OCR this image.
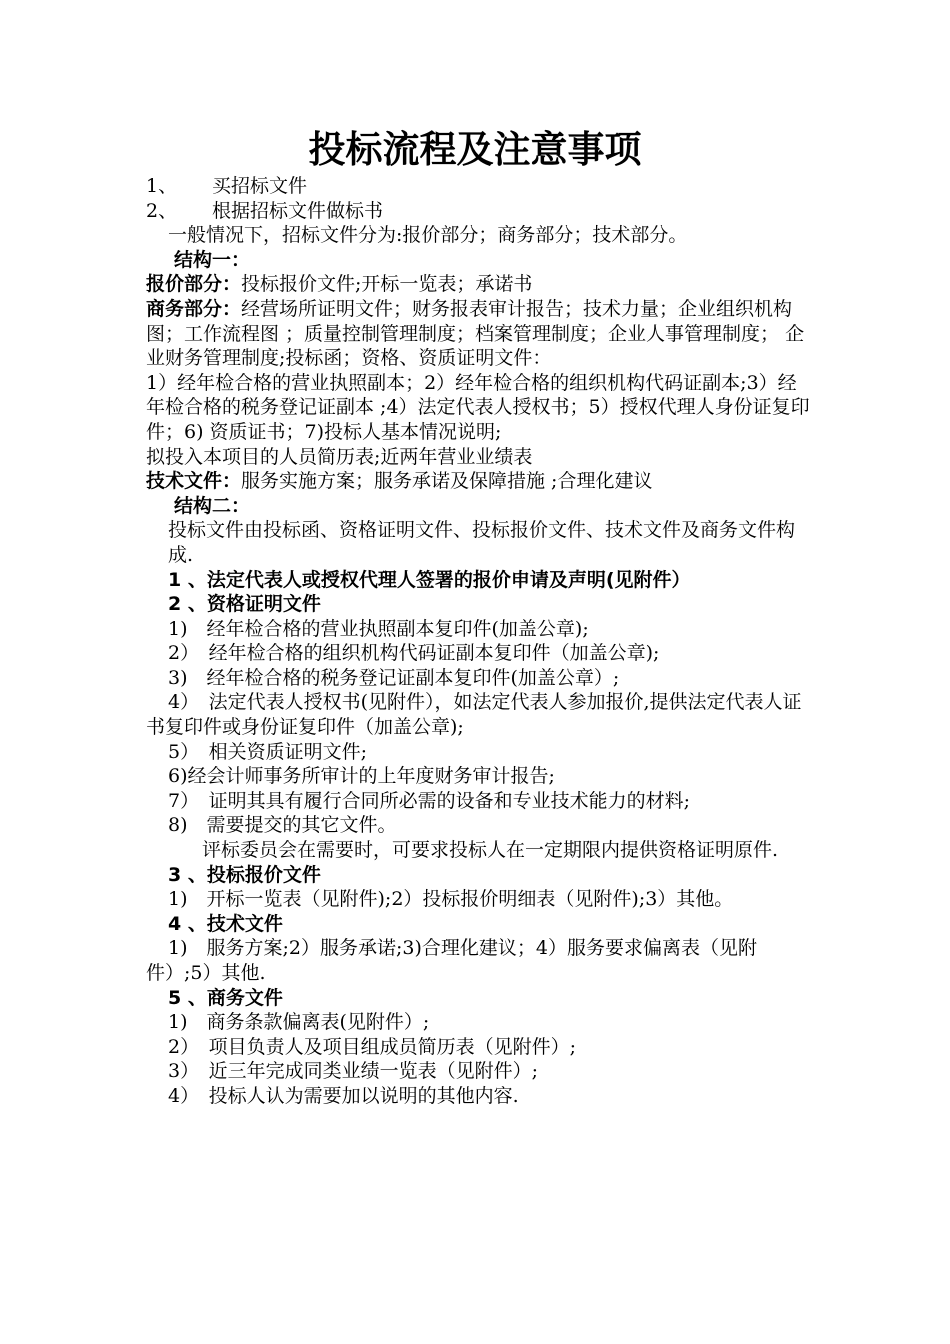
投标流程及注意事项

1、 买招标文件

2、 根据招标文件做标书

一般情况下，招标文件分为:报价部分；商务部分；技术部分。

结构一：

报价部分：投标报价文件;开标一览表；承诺书

商务部分：经营场所证明文件；财务报表审计报告；技术力量；企业组织机构图；工作流程图 ；质量控制管理制度；档案管理制度；企业人事管理制度； 企业财务管理制度;投标函；资格、资质证明文件：

1）经年检合格的营业执照副本；2）经年检合格的组织机构代码证副本;3）经年检合格的税务登记证副本 ;4）法定代表人授权书；5）授权代理人身份证复印件；6) 资质证书；7)投标人基本情况说明;

拟投入本项目的人员简历表;近两年营业业绩表

技术文件：服务实施方案；服务承诺及保障措施 ;合理化建议

结构二：

投标文件由投标函、资格证明文件、投标报价文件、技术文件及商务文件构成.

1 、法定代表人或授权代理人签署的报价申请及声明(见附件）

2 、资格证明文件

1)　经年检合格的营业执照副本复印件(加盖公章);

2）　经年检合格的组织机构代码证副本复印件（加盖公章);

3)　经年检合格的税务登记证副本复印件(加盖公章）;

4）　法定代表人授权书(见附件），如法定代表人参加报价,提供法定代表人证书复印件或身份证复印件（加盖公章);

5）　相关资质证明文件;

6)经会计师事务所审计的上年度财务审计报告;

7）　证明其具有履行合同所必需的设备和专业技术能力的材料;

8)　需要提交的其它文件。

评标委员会在需要时，可要求投标人在一定期限内提供资格证明原件.

3 、投标报价文件

1)　开标一览表（见附件);2）投标报价明细表（见附件);3）其他。

4 、技术文件

1)　服务方案;2）服务承诺;3)合理化建议；4）服务要求偏离表（见附件）;5）其他.

5 、商务文件

1)　商务条款偏离表(见附件）;

2）　项目负责人及项目组成员简历表（见附件）;

3）　近三年完成同类业绩一览表（见附件）;

4）　投标人认为需要加以说明的其他内容.
